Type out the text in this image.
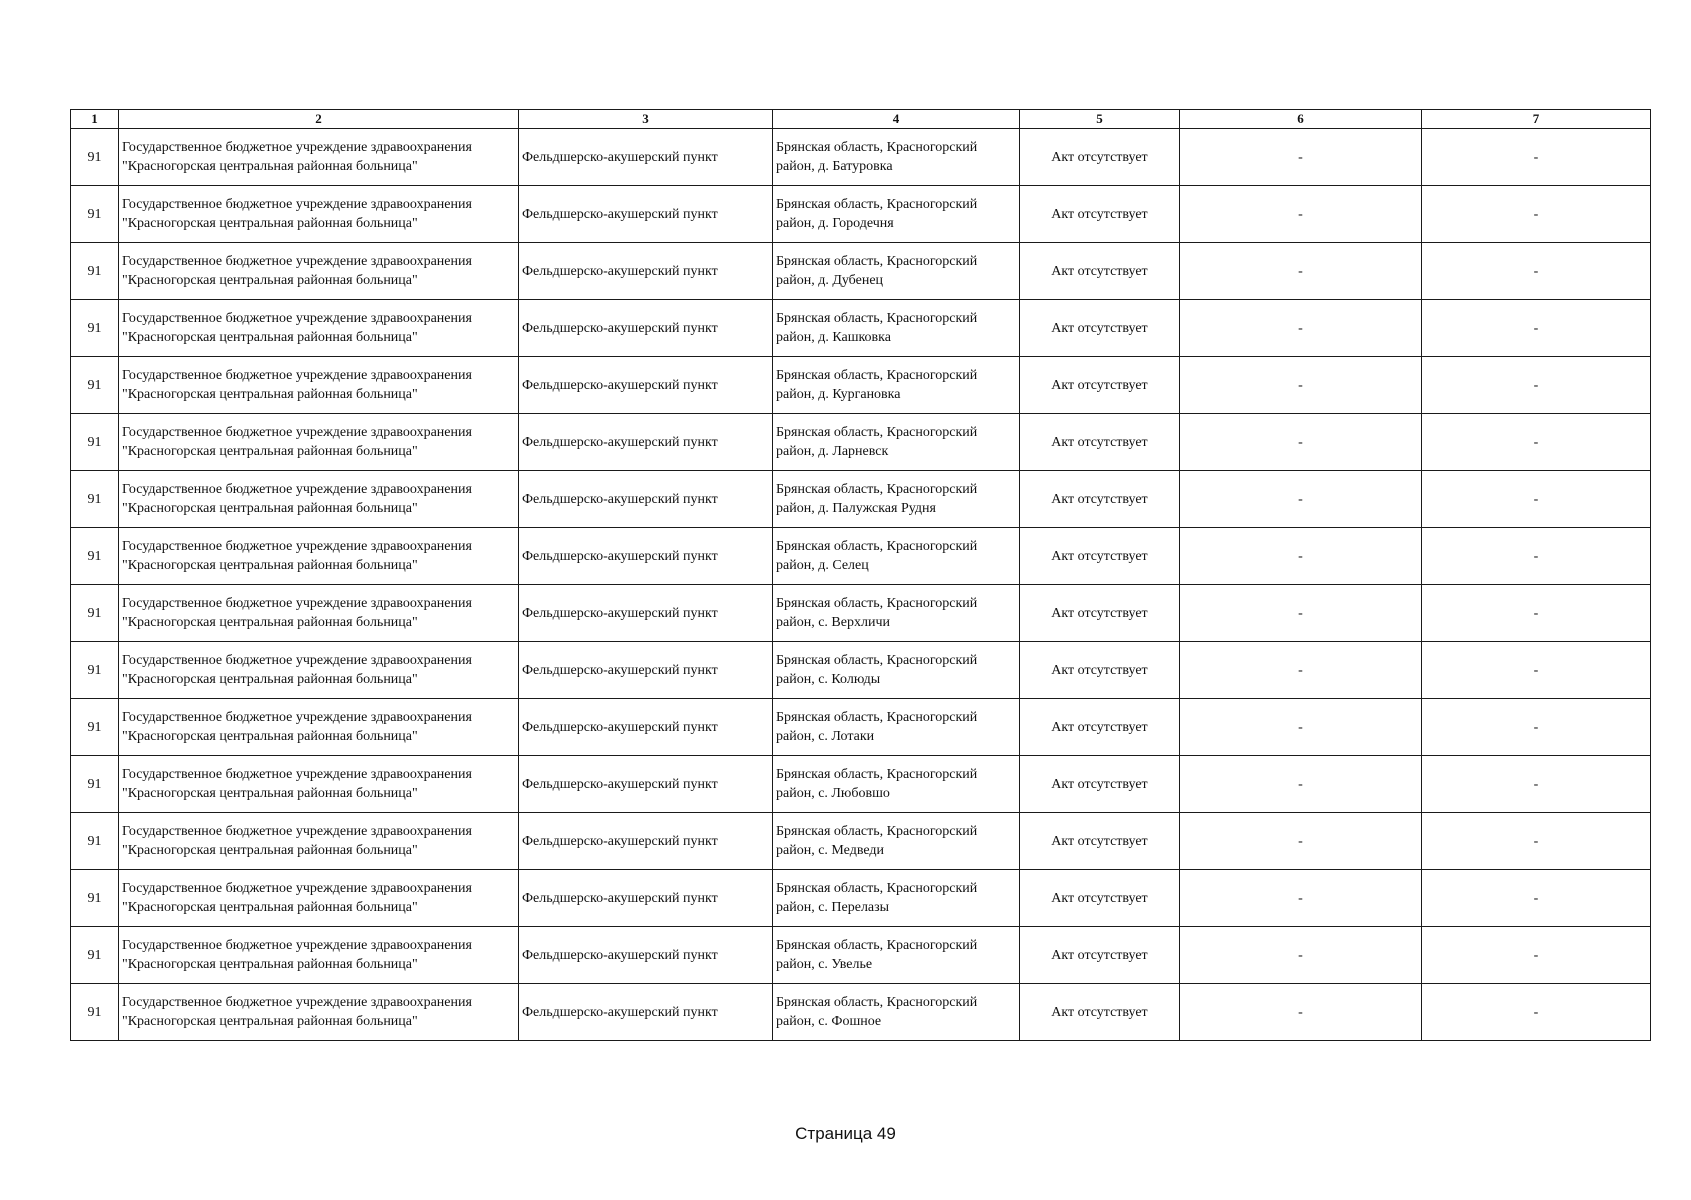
1	2	3	4	5	6	7
91	Государственное бюджетное учреждение здравоохранения "Красногорская центральная районная больница"	Фельдшерско-акушерский пункт	Брянская область, Красногорский район, д. Батуровка	Акт отсутствует	-	-
91	Государственное бюджетное учреждение здравоохранения "Красногорская центральная районная больница"	Фельдшерско-акушерский пункт	Брянская область, Красногорский район, д. Городечня	Акт отсутствует	-	-
91	Государственное бюджетное учреждение здравоохранения "Красногорская центральная районная больница"	Фельдшерско-акушерский пункт	Брянская область, Красногорский район, д. Дубенец	Акт отсутствует	-	-
91	Государственное бюджетное учреждение здравоохранения "Красногорская центральная районная больница"	Фельдшерско-акушерский пункт	Брянская область, Красногорский район, д. Кашковка	Акт отсутствует	-	-
91	Государственное бюджетное учреждение здравоохранения "Красногорская центральная районная больница"	Фельдшерско-акушерский пункт	Брянская область, Красногорский район, д. Кургановка	Акт отсутствует	-	-
91	Государственное бюджетное учреждение здравоохранения "Красногорская центральная районная больница"	Фельдшерско-акушерский пункт	Брянская область, Красногорский район, д. Ларневск	Акт отсутствует	-	-
91	Государственное бюджетное учреждение здравоохранения "Красногорская центральная районная больница"	Фельдшерско-акушерский пункт	Брянская область, Красногорский район, д. Палужская Рудня	Акт отсутствует	-	-
91	Государственное бюджетное учреждение здравоохранения "Красногорская центральная районная больница"	Фельдшерско-акушерский пункт	Брянская область, Красногорский район, д. Селец	Акт отсутствует	-	-
91	Государственное бюджетное учреждение здравоохранения "Красногорская центральная районная больница"	Фельдшерско-акушерский пункт	Брянская область, Красногорский район, с. Верхличи	Акт отсутствует	-	-
91	Государственное бюджетное учреждение здравоохранения "Красногорская центральная районная больница"	Фельдшерско-акушерский пункт	Брянская область, Красногорский район, с. Колюды	Акт отсутствует	-	-
91	Государственное бюджетное учреждение здравоохранения "Красногорская центральная районная больница"	Фельдшерско-акушерский пункт	Брянская область, Красногорский район, с. Лотаки	Акт отсутствует	-	-
91	Государственное бюджетное учреждение здравоохранения "Красногорская центральная районная больница"	Фельдшерско-акушерский пункт	Брянская область, Красногорский район, с. Любовшо	Акт отсутствует	-	-
91	Государственное бюджетное учреждение здравоохранения "Красногорская центральная районная больница"	Фельдшерско-акушерский пункт	Брянская область, Красногорский район, с. Медведи	Акт отсутствует	-	-
91	Государственное бюджетное учреждение здравоохранения "Красногорская центральная районная больница"	Фельдшерско-акушерский пункт	Брянская область, Красногорский район, с. Перелазы	Акт отсутствует	-	-
91	Государственное бюджетное учреждение здравоохранения "Красногорская центральная районная больница"	Фельдшерско-акушерский пункт	Брянская область, Красногорский район, с. Увелье	Акт отсутствует	-	-
91	Государственное бюджетное учреждение здравоохранения "Красногорская центральная районная больница"	Фельдшерско-акушерский пункт	Брянская область, Красногорский район, с. Фошное	Акт отсутствует	-	-
Страница 49
